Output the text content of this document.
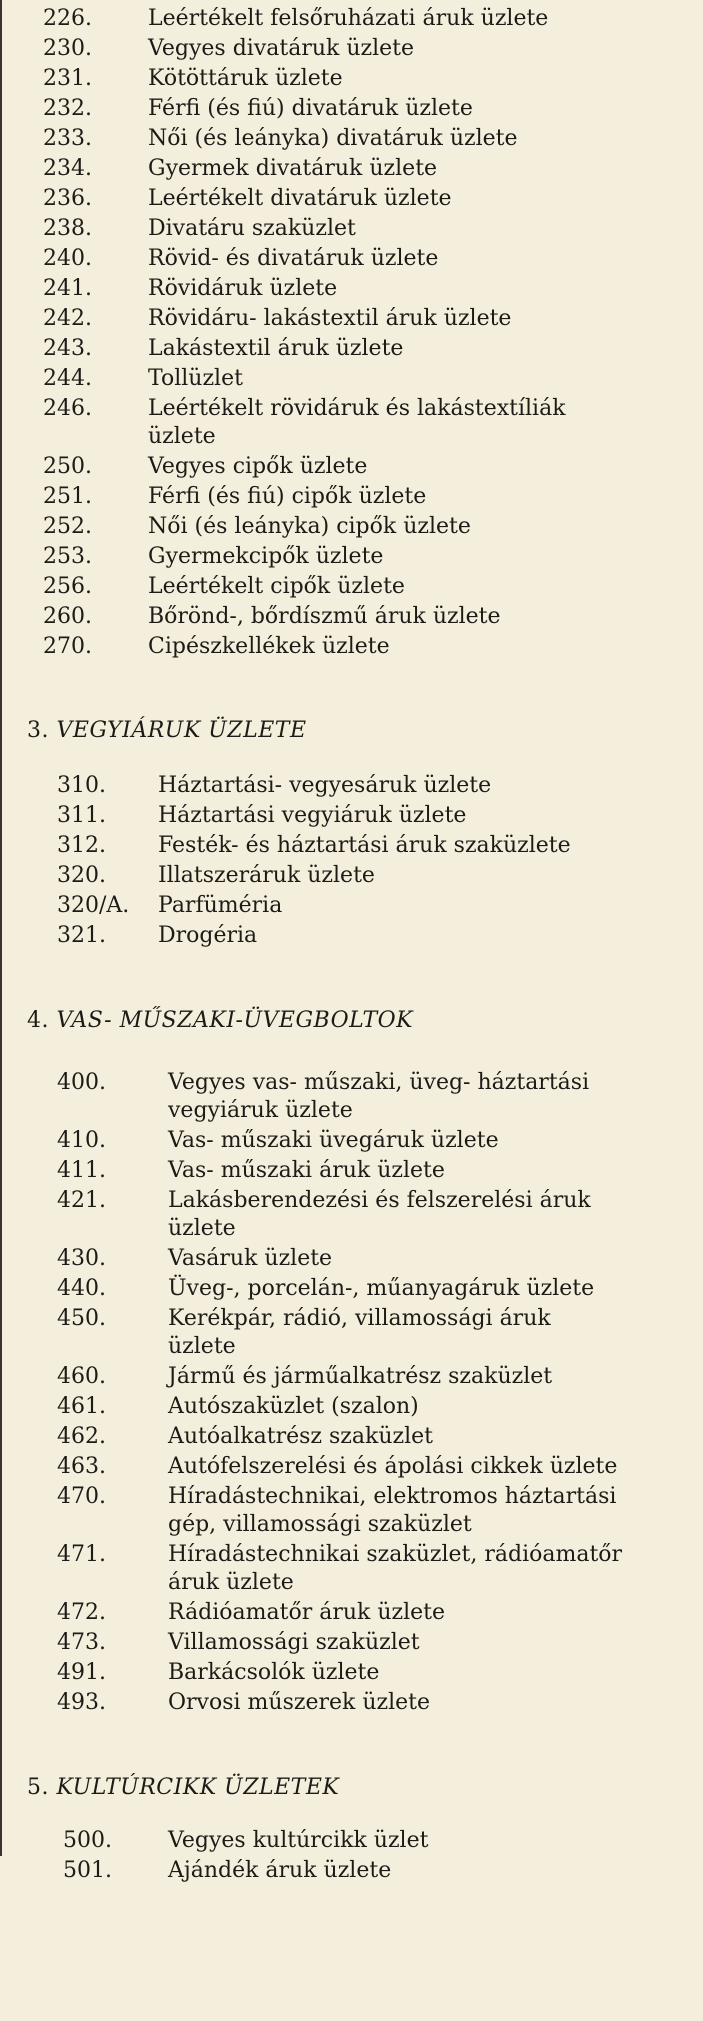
226.	Leértékelt felsőruházati áruk üzlete
230.	Vegyes divatáruk üzlete
231.	Kötöttáruk üzlete
232.	Férfi (és fiú) divatáruk üzlete
233.	Női (és leányka) divatáruk üzlete
234.	Gyermek divatáruk üzlete
236.	Leértékelt divatáruk üzlete
238.	Divatáru szaküzlet
240.	Rövid- és divatáruk üzlete
241.	Rövidáruk üzlete
242.	Rövidáru- lakástextil áruk üzlete
243.	Lakástextil áruk üzlete
244.	Tollüzlet
246.	Leértékelt rövidáruk és lakástextíliák
üzlete
250.	Vegyes cipők üzlete
251.	Férfi (és fiú) cipők üzlete
252.	Női (és leányka) cipők üzlete
253.	Gyermekcipők üzlete
256.	Leértékelt cipők üzlete
260.	Bőrönd-, bőrdíszmű áruk üzlete
270.	Cipészkellékek üzlete
3. VEGYIÁRUK ÜZLETE
310. Háztartási- vegyesáruk üzlete
311. Háztartási vegyiáruk üzlete
312. Festék- és háztartási áruk szaküzlete
320. Illatszeráruk üzlete
320/A. Parfüméria
321. Drogéria
4. VAS- MŰSZAKI-ÜVEGBOLTOK
400.	Vegyes vas- műszaki, üveg- háztartási
vegyiáruk üzlete
410.	Vas- műszaki üvegáruk üzlete
411.	Vas- műszaki áruk üzlete
421.	Lakásberendezési és felszerelési áruk
üzlete
430.	Vasáruk üzlete
440.	Üveg-, porcelán-, műanyagáruk üzlete
450.	Kerékpár, rádió, villamossági áruk
üzlete
460.	Jármű és járműalkatrész szaküzlet
461.	Autószaküzlet (szalon)
462.	Autóalkatrész szaküzlet
463.	Autófelszerelési és ápolási cikkek üzlete
470.	Híradástechnikai, elektromos háztartási
gép, villamossági szaküzlet
471.	Híradástechnikai szaküzlet, rádióamatőr
áruk üzlete
472.	Rádióamatőr áruk üzlete
473.	Villamossági szaküzlet
491.	Barkácsolók üzlete
493.	Orvosi műszerek üzlete
5. KULTÚRCIKK ÜZLETEK
500.	Vegyes kultúrcikk üzlet
501.	Ajándék áruk üzlete
